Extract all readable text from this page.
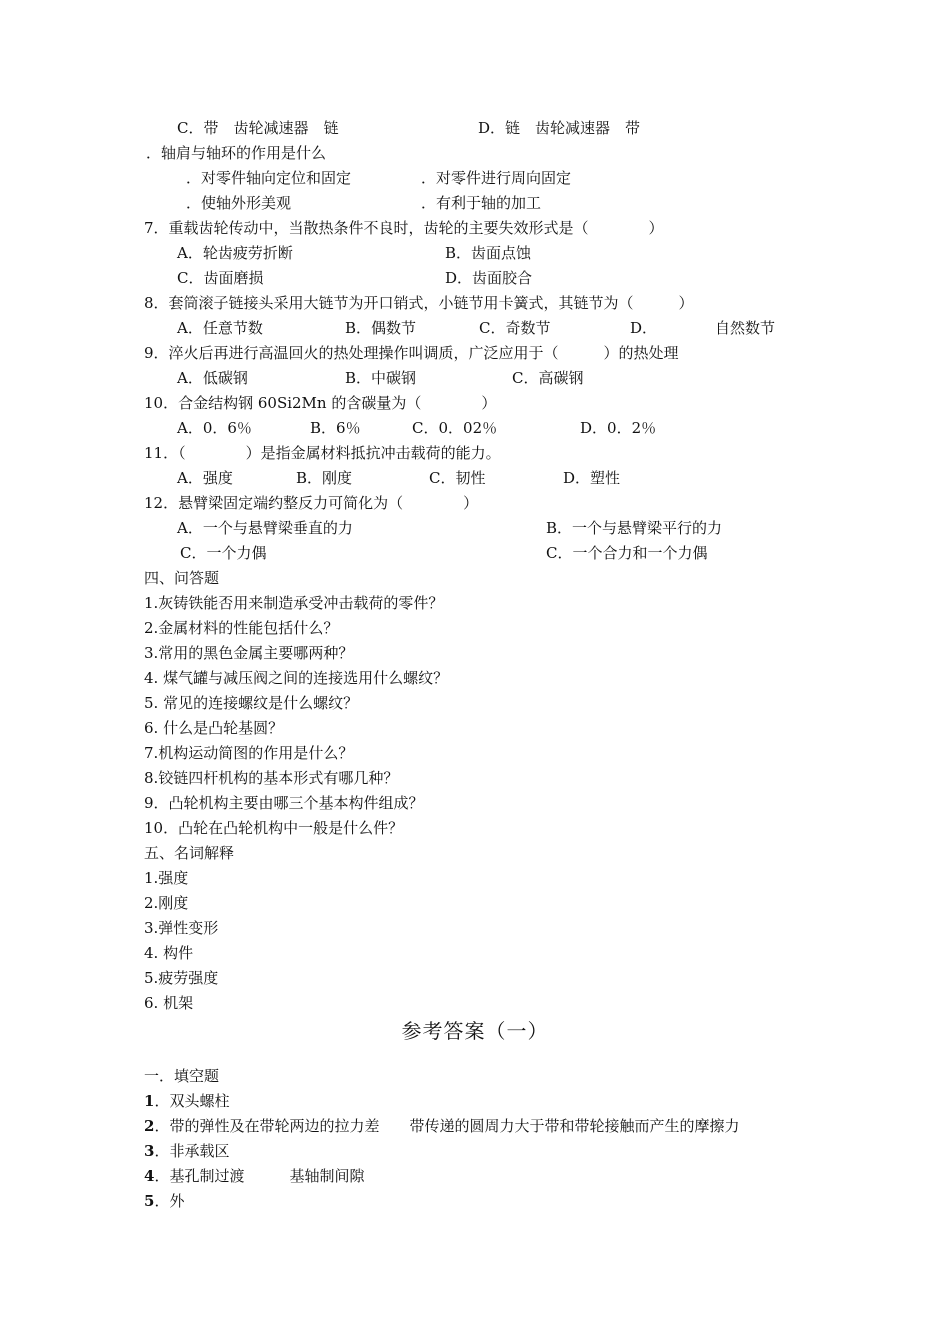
C．带　齿轮减速器　链	D．链　齿轮减速器　带
．轴肩与轴环的作用是什么
．对零件轴向定位和固定	．对零件进行周向固定
．使轴外形美观	．有利于轴的加工
7．重载齿轮传动中，当散热条件不良时，齿轮的主要失效形式是（　　　　）
A．轮齿疲劳折断	B．齿面点蚀
C．齿面磨损	D．齿面胶合
8．套筒滚子链接头采用大链节为开口销式，小链节用卡簧式，其链节为（　　　）
A．任意节数	B．偶数节	C．奇数节	D．	自然数节
9．淬火后再进行高温回火的热处理操作叫调质，广泛应用于（　　　）的热处理
A．低碳钢	B．中碳钢	C．高碳钢
10．合金结构钢 60Si2Mn 的含碳量为（　　　　）
A．0．6％	B．6％	C．0．02％	D．0．2％
11．（　　　　）是指金属材料抵抗冲击载荷的能力。
A．强度	B．刚度	C．韧性	D．塑性
12．悬臂梁固定端约整反力可简化为（　　　　）
A．一个与悬臂梁垂直的力	B．一个与悬臂梁平行的力
C．一个力偶	C．一个合力和一个力偶
四、问答题
1.灰铸铁能否用来制造承受冲击载荷的零件？
2.金属材料的性能包括什么？
3.常用的黑色金属主要哪两种？
4. 煤气罐与减压阀之间的连接选用什么螺纹？
5. 常见的连接螺纹是什么螺纹？
6. 什么是凸轮基圆？
7.机构运动简图的作用是什么？
8.铰链四杆机构的基本形式有哪几种？
9．凸轮机构主要由哪三个基本构件组成？
10．凸轮在凸轮机构中一般是什么件？
五、名词解释
1.强度
2.刚度
3.弹性变形
4. 构件
5.疲劳强度
6. 机架
参考答案（一）
一．填空题
1．双头螺柱
2．带的弹性及在带轮两边的拉力差　　带传递的圆周力大于带和带轮接触而产生的摩擦力
3．非承载区
4．基孔制过渡　　　基轴制间隙
5．外
